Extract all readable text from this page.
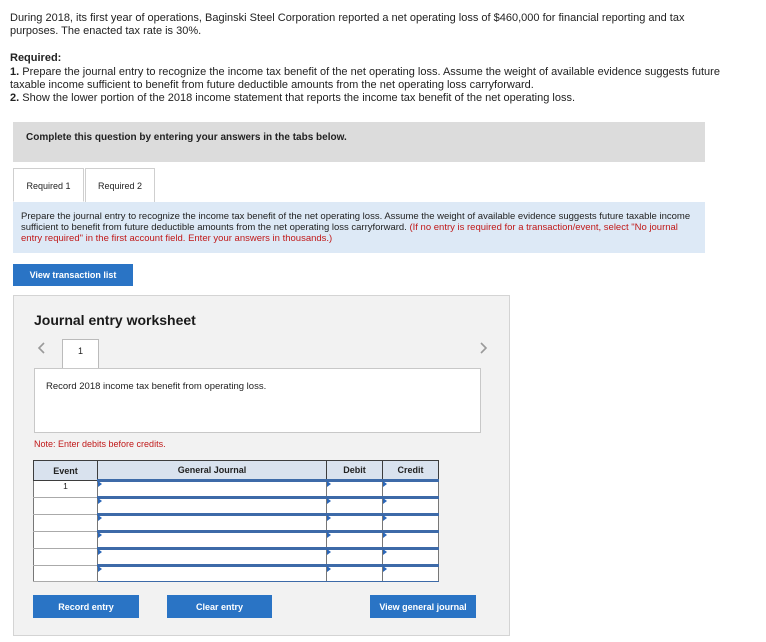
During 2018, its first year of operations, Baginski Steel Corporation reported a net operating loss of $460,000 for financial reporting and tax purposes. The enacted tax rate is 30%.
Required:
1. Prepare the journal entry to recognize the income tax benefit of the net operating loss. Assume the weight of available evidence suggests future taxable income sufficient to benefit from future deductible amounts from the net operating loss carryforward.
2. Show the lower portion of the 2018 income statement that reports the income tax benefit of the net operating loss.
Complete this question by entering your answers in the tabs below.
Required 1	Required 2
Prepare the journal entry to recognize the income tax benefit of the net operating loss. Assume the weight of available evidence suggests future taxable income sufficient to benefit from future deductible amounts from the net operating loss carryforward. (If no entry is required for a transaction/event, select "No journal entry required" in the first account field. Enter your answers in thousands.)
View transaction list
Journal entry worksheet
1
Record 2018 income tax benefit from operating loss.
Note: Enter debits before credits.
Event	General Journal	Debit	Credit
1	

Record entry	Clear entry	View general journal
